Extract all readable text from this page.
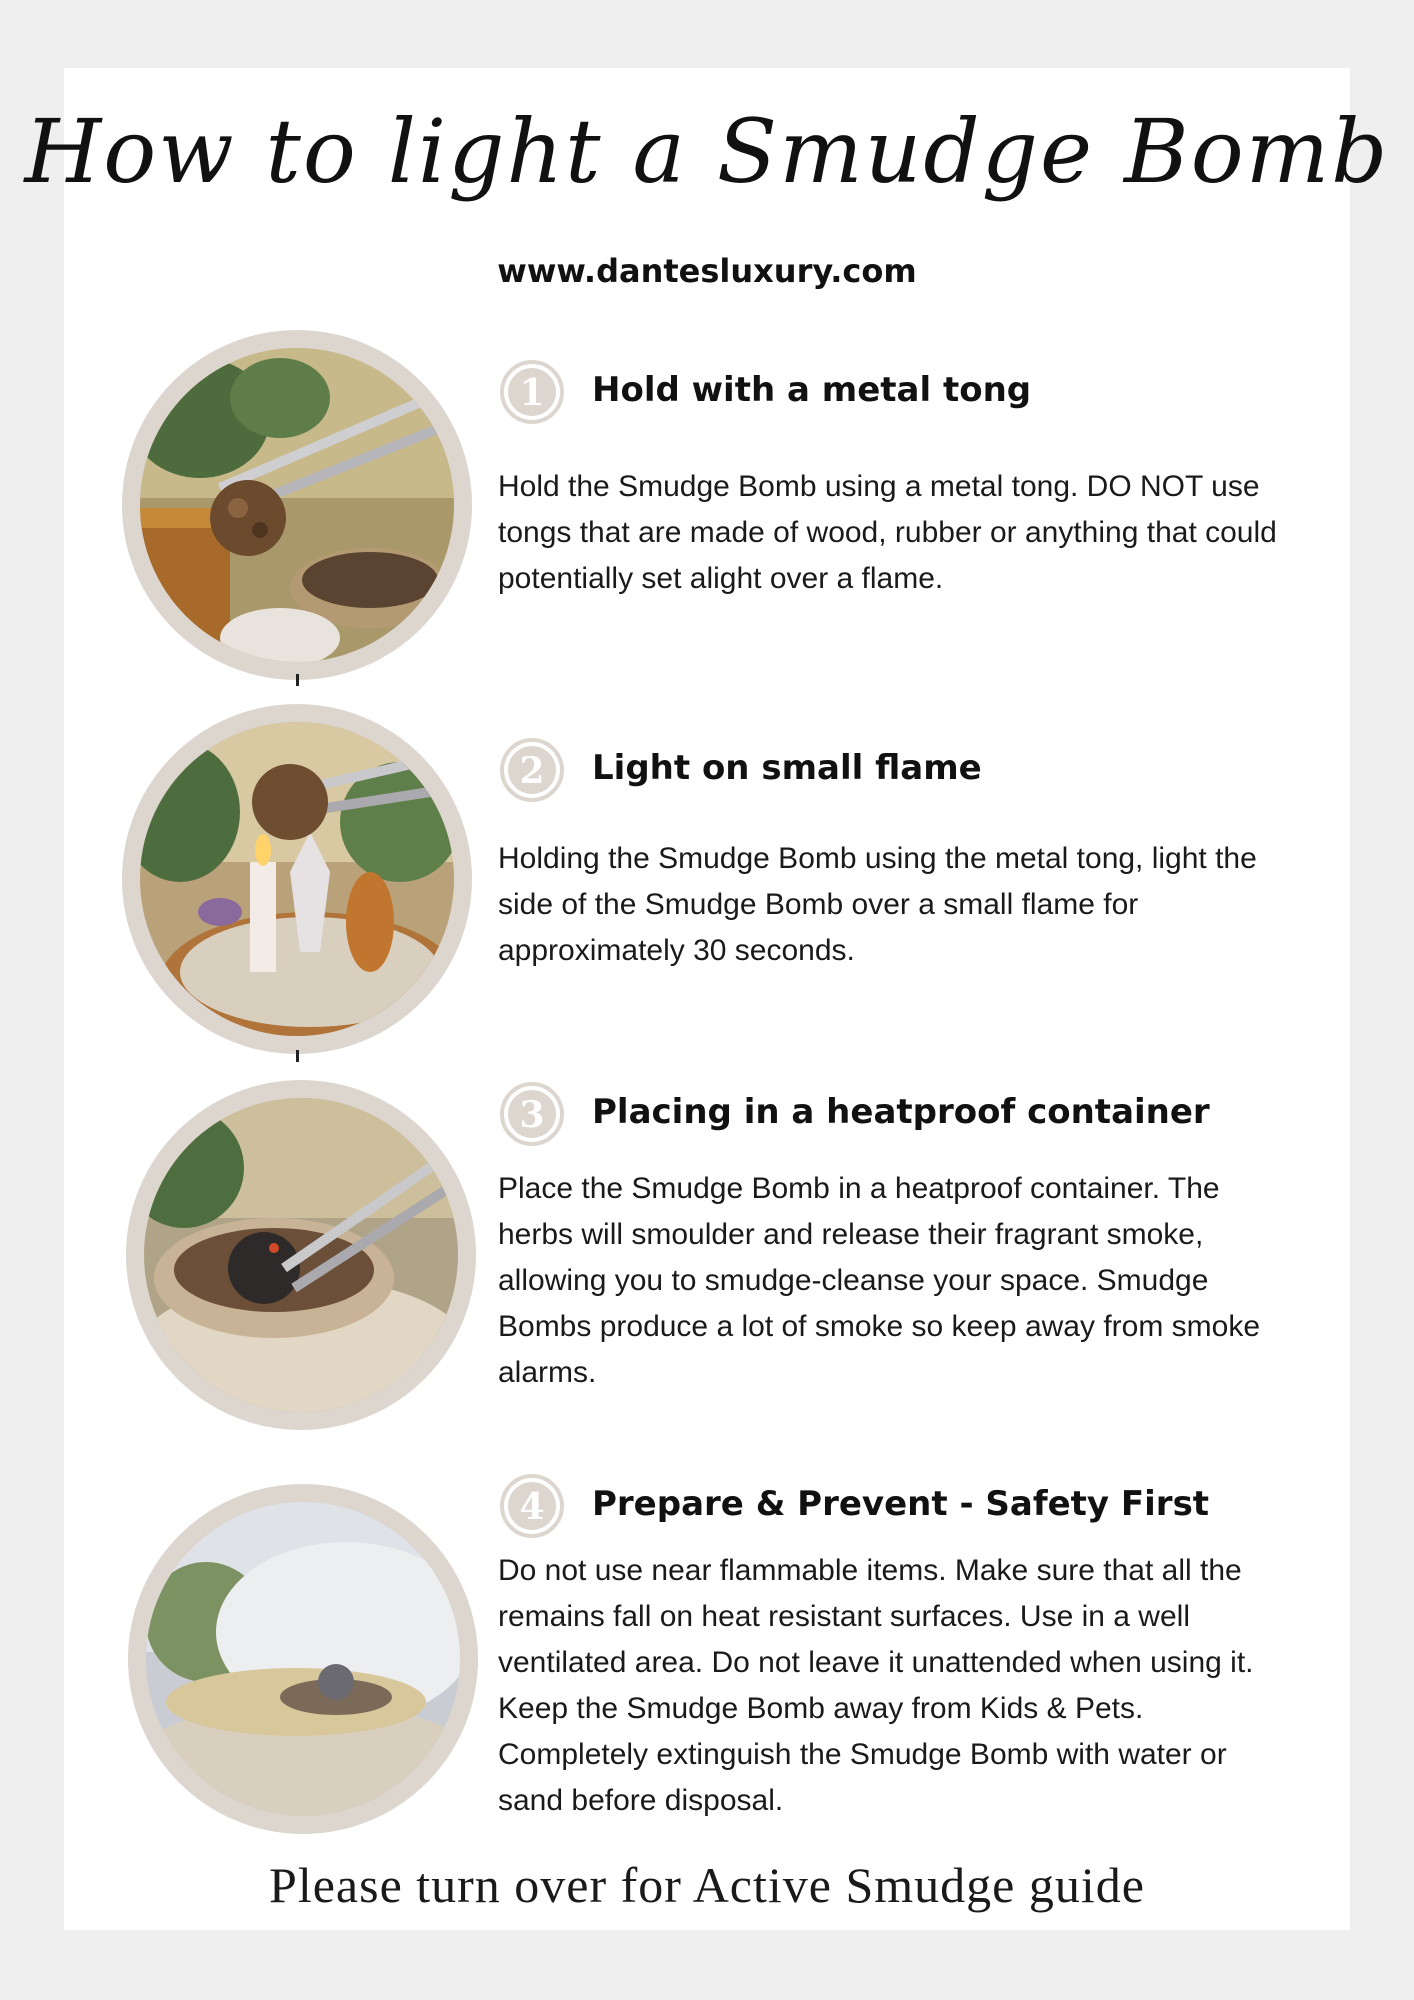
How to light a Smudge Bomb
www.dantesluxury.com
1 Hold with a metal tong
Hold the Smudge Bomb using a metal tong. DO NOT use tongs that are made of wood, rubber or anything that could potentially set alight over a flame.
2 Light on small flame
Holding the Smudge Bomb using the metal tong, light the side of the Smudge Bomb over a small flame for approximately 30 seconds.
3 Placing in a heatproof container
Place the Smudge Bomb in a heatproof container. The herbs will smoulder and release their fragrant smoke, allowing you to smudge-cleanse your space. Smudge Bombs produce a lot of smoke so keep away from smoke alarms.
4 Prepare & Prevent - Safety First
Do not use near flammable items. Make sure that all the remains fall on heat resistant surfaces. Use in a well ventilated area. Do not leave it unattended when using it. Keep the Smudge Bomb away from Kids & Pets. Completely extinguish the Smudge Bomb with water or sand before disposal.
Please turn over for Active Smudge guide
